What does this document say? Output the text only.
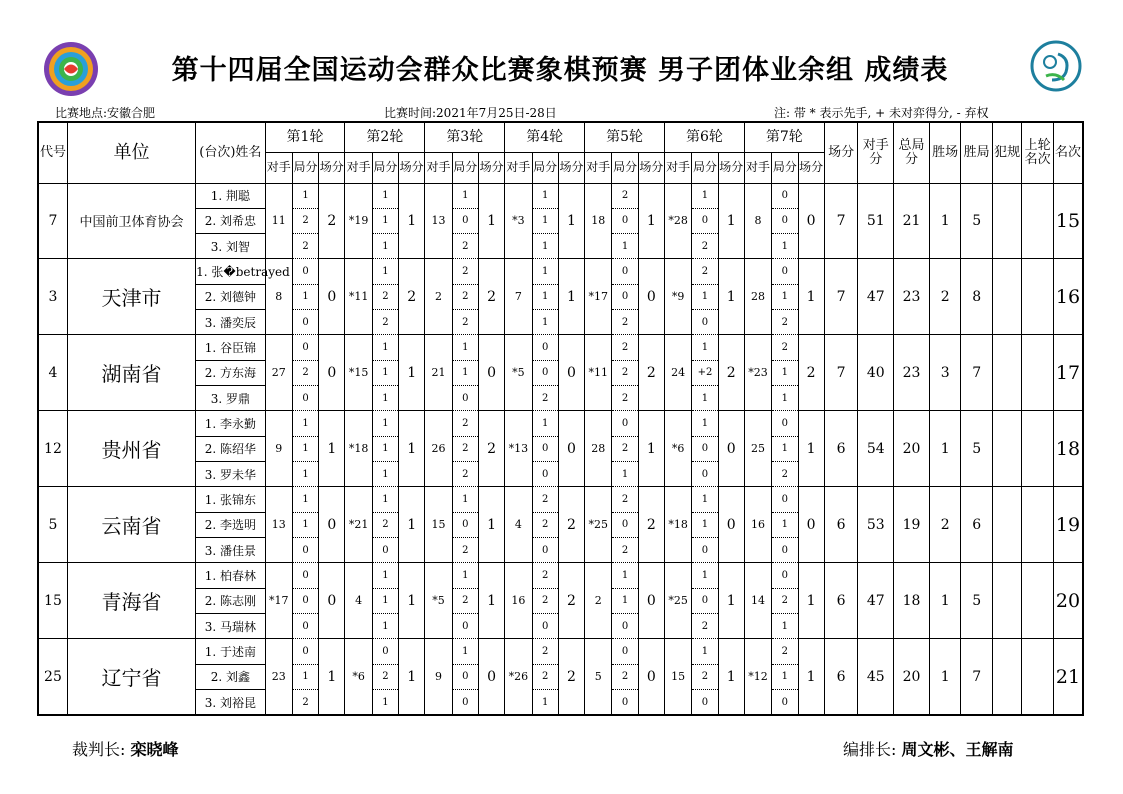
第十四届全国运动会群众比赛象棋预赛 男子团体业余组 成绩表
比赛地点:安徽合肥	比赛时间:2021年7月25日-28日	注: 带 * 表示先手, + 未对弈得分, - 弃权
代号	单位	(台次)姓名	第1轮			第2轮			第3轮			第4轮			第5轮			第6轮			第7轮			场分	对手分	总局分	胜场	胜局	犯规	上轮名次	名次
			对手	局分	场分	对手	局分	场分	对手	局分	场分	对手	局分	场分	对手	局分	场分	对手	局分	场分	对手	局分	场分								
7	中国前卫体育协会	1. 荆聪	11	1	2	*19	1	1	13	1	1	*3	1	1	18	2	1	*28	1	1	8	0	0	7	51	21	1	5			15
		2. 刘希忠		2			1			0			1			0			0			0									
		3. 刘智		2			1			2			1			1			2			1									
3	天津市	1. 张�betrayed	8	0	0	*11	1	2	2	2	2	7	1	1	*17	0	0	*9	2	1	28	0	1	7	47	23	2	8			16
		2. 刘德钟		1			2			2			1			0			1			1									
		3. 潘奕辰		0			2			2			1			2			0			2									
4	湖南省	1. 谷臣锦	27	0	0	*15	1	1	21	1	0	*5	0	0	*11	2	2	24	1	2	*23	2	2	7	40	23	3	7			17
		2. 方东海		2			1			1			0			2			+2			1									
		3. 罗鼎		0			1			0			2			2			1			1									
12	贵州省	1. 李永勤	9	1	1	*18	1	1	26	2	2	*13	1	0	28	0	1	*6	1	0	25	0	1	6	54	20	1	5			18
		2. 陈绍华		1			1			2			0			2			0			1									
		3. 罗未华		1			1			2			0			1			0			2									
5	云南省	1. 张锦东	13	1	0	*21	1	1	15	1	1	4	2	2	*25	2	2	*18	1	0	16	0	0	6	53	19	2	6			19
		2. 李选明		1			2			0			2			0			1			1									
		3. 潘佳景		0			0			2			0			2			0			0									
15	青海省	1. 柏春林	*17	0	0	4	1	1	*5	1	1	16	2	2	2	1	0	*25	1	1	14	0	1	6	47	18	1	5			20
		2. 陈志刚		0			1			2			2			1			0			2									
		3. 马瑞林		0			1			0			0			0			2			1									
25	辽宁省	1. 于述南	23	0	1	*6	0	1	9	1	0	*26	2	2	5	0	0	15	1	1	*12	2	1	6	45	20	1	7			21
		2. 刘鑫		1			2			0			2			2			2			1									
		3. 刘裕昆		2			1			0			1			0			0			0									
裁判长: 栾晓峰	编排长: 周文彬、王解南
